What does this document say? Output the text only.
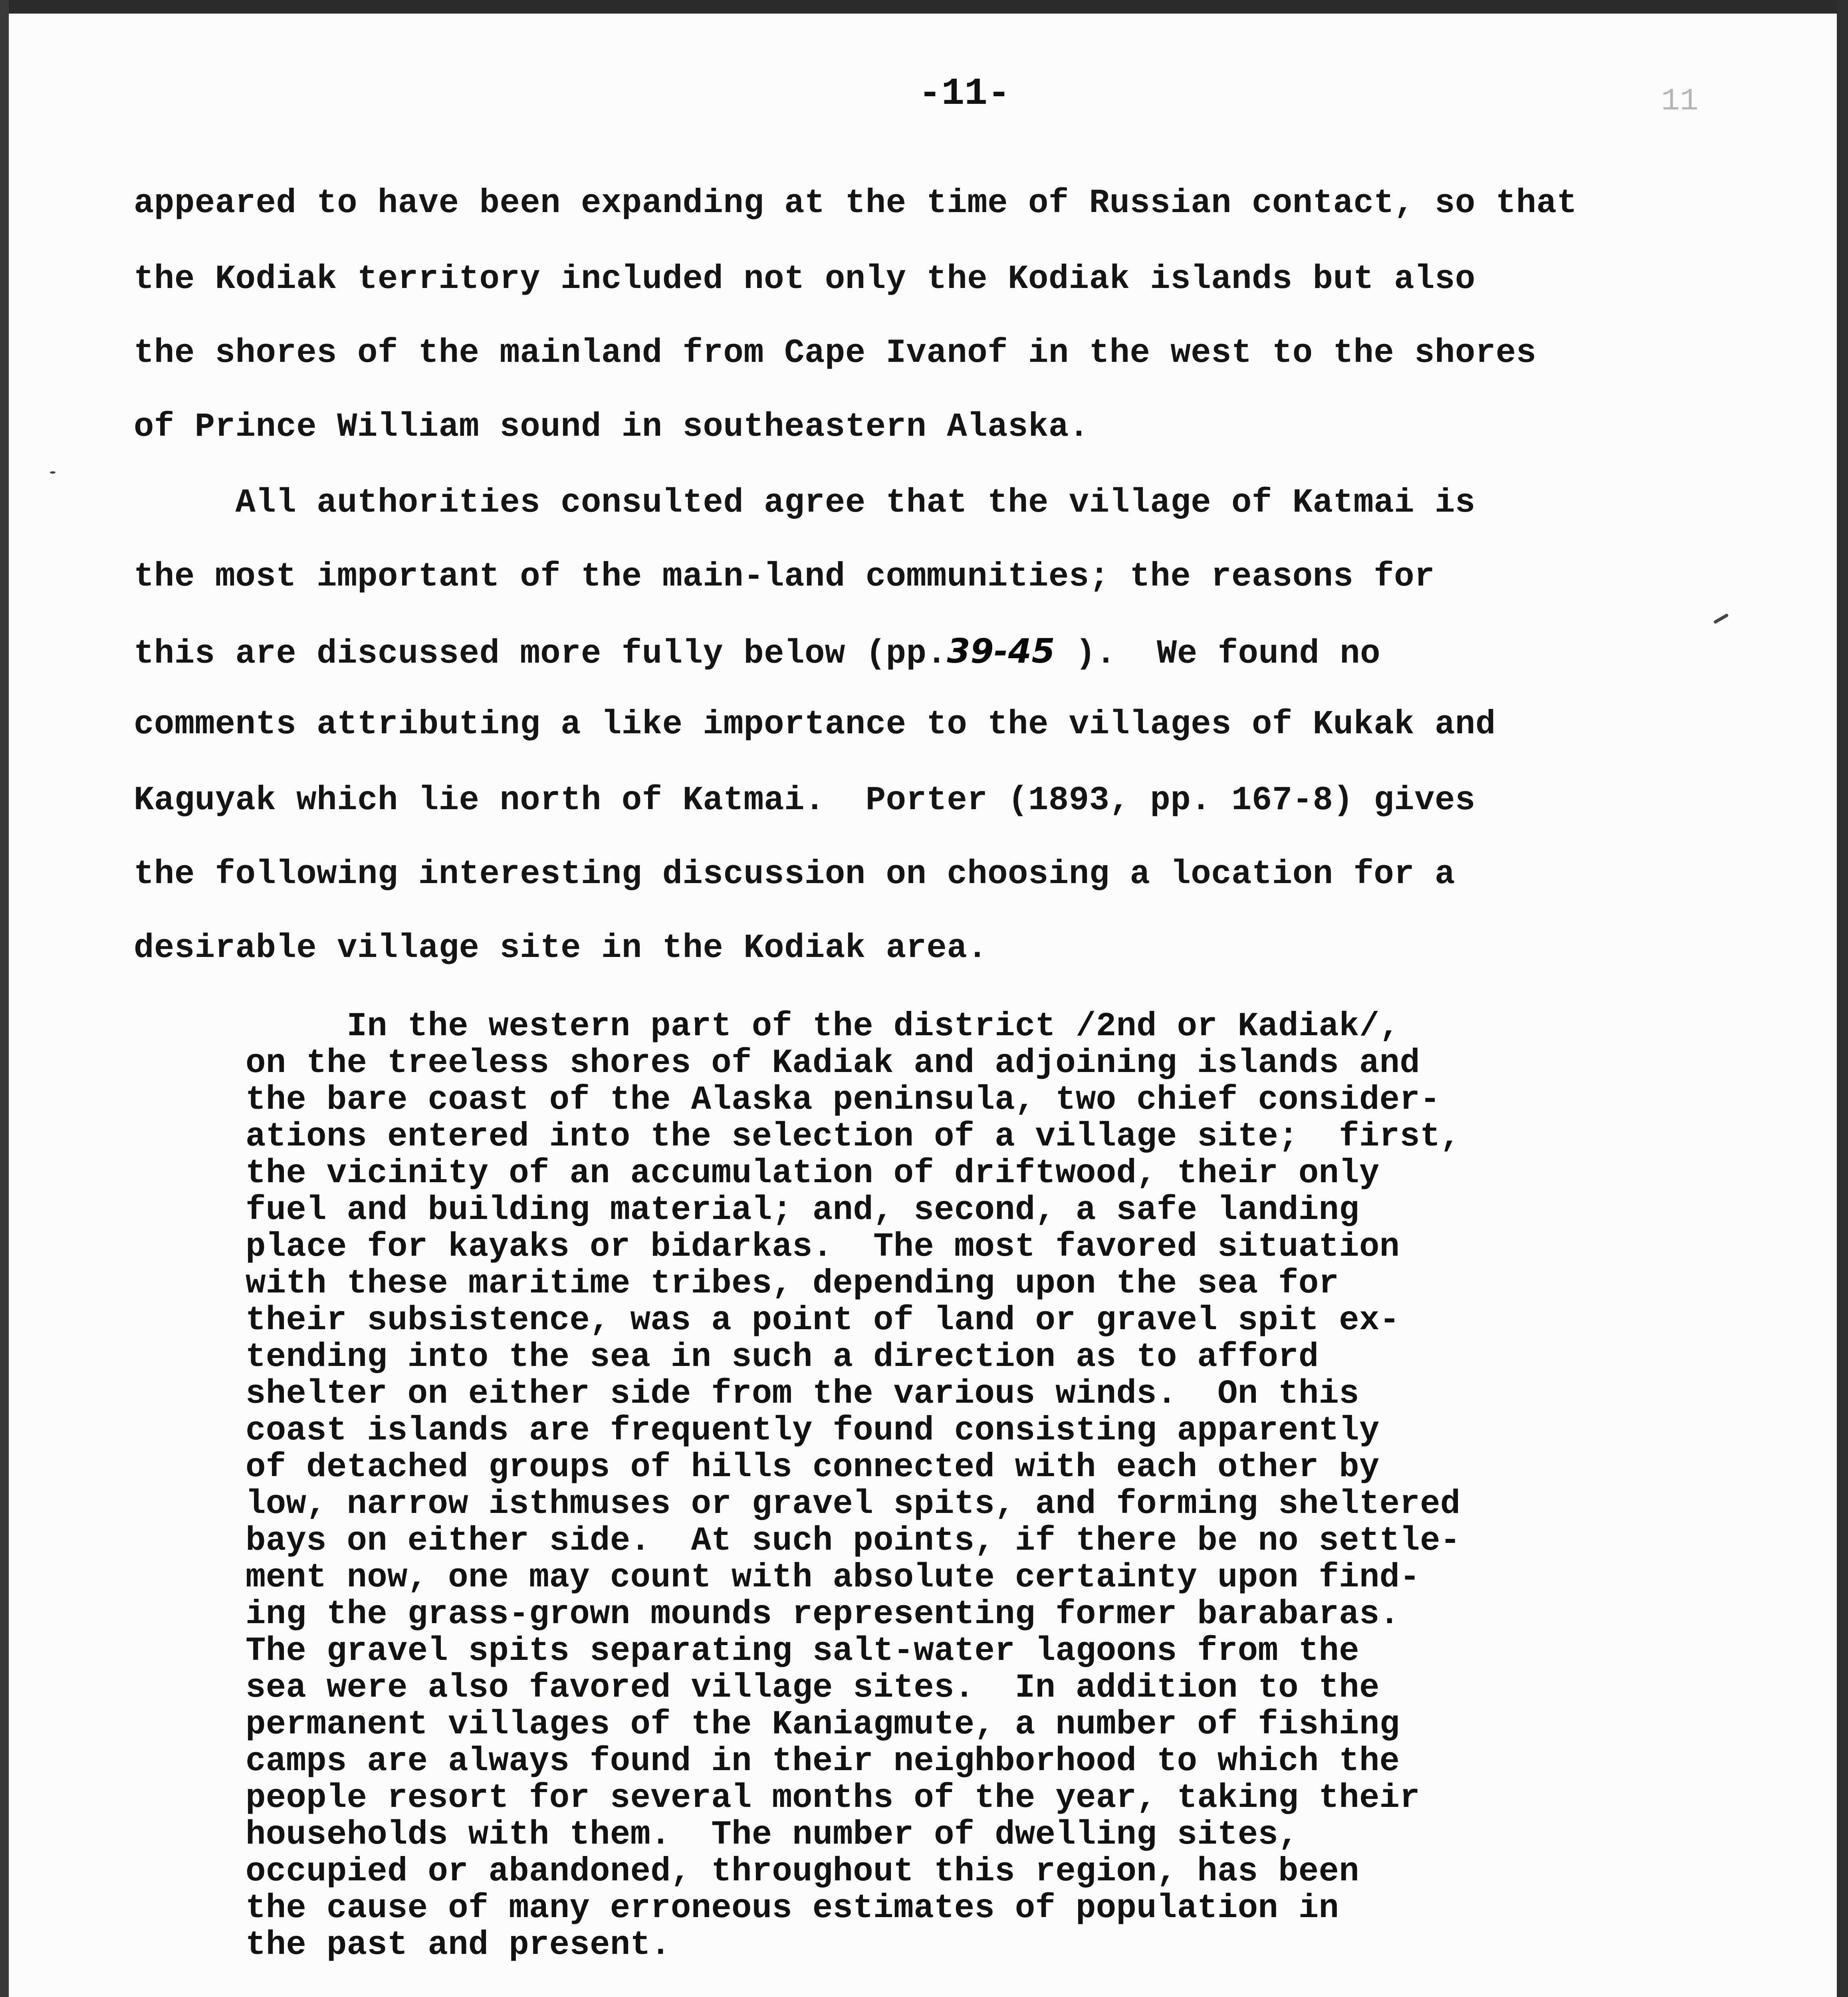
-11-	11

appeared to have been expanding at the time of Russian contact, so that

the Kodiak territory included not only the Kodiak islands but also

the shores of the mainland from Cape Ivanof in the west to the shores

of Prince William sound in southeastern Alaska.

All authorities consulted agree that the village of Katmai is

the most important of the main-land communities; the reasons for

this are discussed more fully below (pp.39-45 ).  We found no

comments attributing a like importance to the villages of Kukak and

Kaguyak which lie north of Katmai.  Porter (1893, pp. 167-8) gives

the following interesting discussion on choosing a location for a

desirable village site in the Kodiak area.

In the western part of the district /2nd or Kadiak/,

on the treeless shores of Kadiak and adjoining islands and

the bare coast of the Alaska peninsula, two chief consider-

ations entered into the selection of a village site;  first,

the vicinity of an accumulation of driftwood, their only

fuel and building material; and, second, a safe landing

place for kayaks or bidarkas.  The most favored situation

with these maritime tribes, depending upon the sea for

their subsistence, was a point of land or gravel spit ex-

tending into the sea in such a direction as to afford

shelter on either side from the various winds.  On this

coast islands are frequently found consisting apparently

of detached groups of hills connected with each other by

low, narrow isthmuses or gravel spits, and forming sheltered

bays on either side.  At such points, if there be no settle-

ment now, one may count with absolute certainty upon find-

ing the grass-grown mounds representing former barabaras.

The gravel spits separating salt-water lagoons from the

sea were also favored village sites.  In addition to the

permanent villages of the Kaniagmute, a number of fishing

camps are always found in their neighborhood to which the

people resort for several months of the year, taking their

households with them.  The number of dwelling sites,

occupied or abandoned, throughout this region, has been

the cause of many erroneous estimates of population in

the past and present.
